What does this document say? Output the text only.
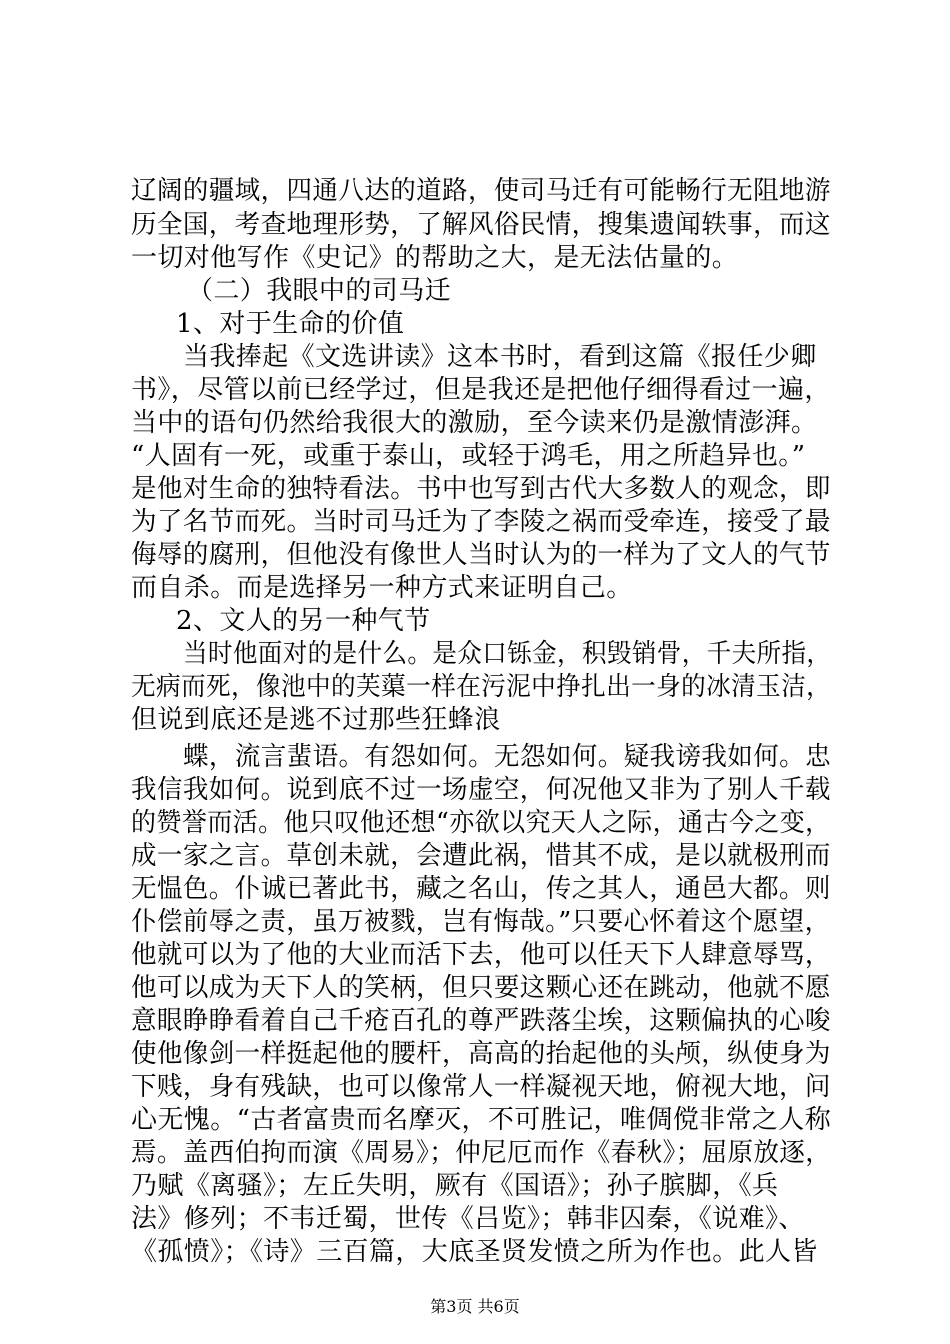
辽阔的疆域，四通八达的道路，使司马迁有可能畅行无阻地游
历全国，考查地理形势，了解风俗民情，搜集遗闻轶事，而这
一切对他写作《史记》的帮助之大，是无法估量的。
（二）我眼中的司马迁
1、对于生命的价值
当我捧起《文选讲读》这本书时，看到这篇《报任少卿
书》，尽管以前已经学过，但是我还是把他仔细得看过一遍，
当中的语句仍然给我很大的激励，至今读来仍是激情澎湃。
“人固有一死，或重于泰山，或轻于鸿毛，用之所趋异也。”
是他对生命的独特看法。书中也写到古代大多数人的观念，即
为了名节而死。当时司马迁为了李陵之祸而受牵连，接受了最
侮辱的腐刑，但他没有像世人当时认为的一样为了文人的气节
而自杀。而是选择另一种方式来证明自己。
2、文人的另一种气节
当时他面对的是什么。是众口铄金，积毁销骨，千夫所指，
无病而死，像池中的芙蕖一样在污泥中挣扎出一身的冰清玉洁，
但说到底还是逃不过那些狂蜂浪
蝶，流言蜚语。有怨如何。无怨如何。疑我谤我如何。忠
我信我如何。说到底不过一场虚空，何况他又非为了别人千载
的赞誉而活。他只叹他还想“亦欲以究天人之际，通古今之变，
成一家之言。草创未就，会遭此祸，惜其不成，是以就极刑而
无愠色。仆诚已著此书，藏之名山，传之其人，通邑大都。则
仆偿前辱之责，虽万被戮，岂有悔哉。”只要心怀着这个愿望，
他就可以为了他的大业而活下去，他可以任天下人肆意辱骂，
他可以成为天下人的笑柄，但只要这颗心还在跳动，他就不愿
意眼睁睁看着自己千疮百孔的尊严跌落尘埃，这颗偏执的心唆
使他像剑一样挺起他的腰杆，高高的抬起他的头颅，纵使身为
下贱，身有残缺，也可以像常人一样凝视天地，俯视大地，问
心无愧。“古者富贵而名摩灭，不可胜记，唯倜傥非常之人称
焉。盖西伯拘而演《周易》；仲尼厄而作《春秋》；屈原放逐，
乃赋《离骚》；左丘失明，厥有《国语》；孙子膑脚，《兵
法》修列；不韦迁蜀，世传《吕览》；韩非囚秦，《说难》、
《孤愤》；《诗》三百篇，大底圣贤发愤之所为作也。此人皆
第3页 共6页
